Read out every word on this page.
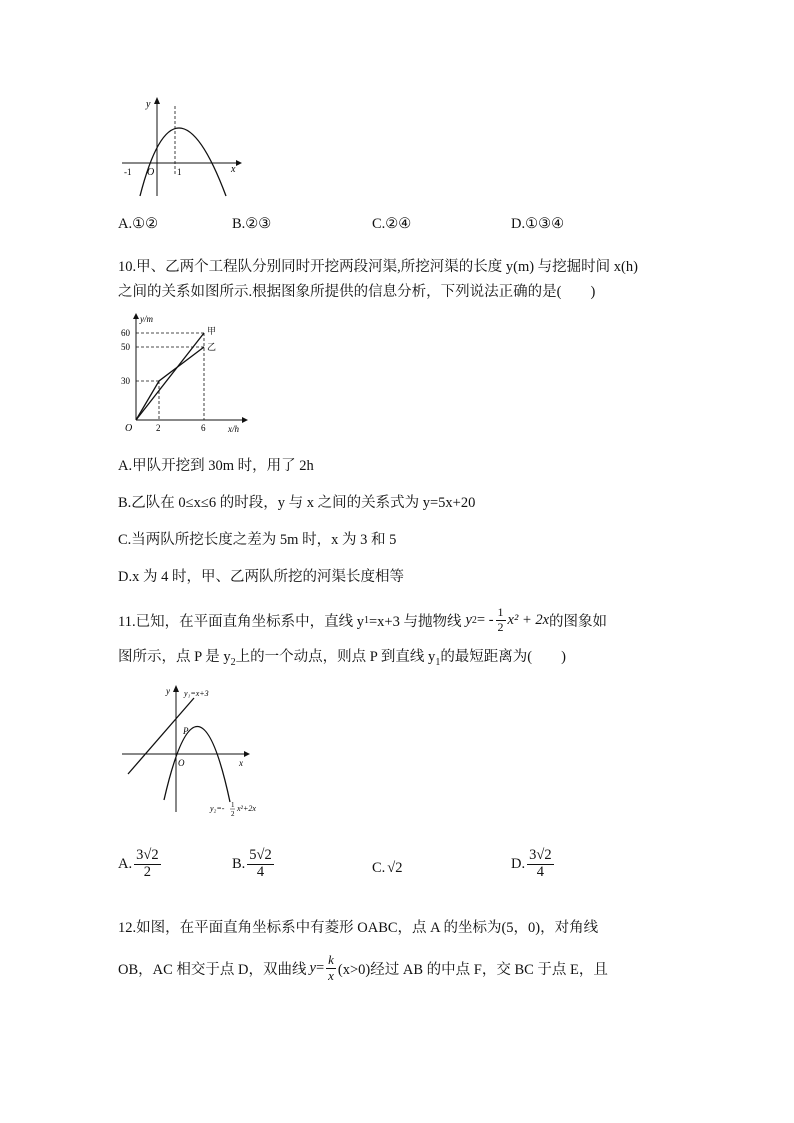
y
x
O
-1	1
A.①②	B.②③	C.②④	D.①③④
10.甲、乙两个工程队分别同时开挖两段河渠,所挖河渠的长度 y(m) 与挖掘时间 x(h)
之间的关系如图所示.根据图象所提供的信息分析，下列说法正确的是(　　)
y/m
x/h
O
60
50
30
2	6
甲
乙
A.甲队开挖到 30m 时，用了 2h
B.乙队在 0≤x≤6 的时段，y 与 x 之间的关系式为 y=5x+20
C.当两队所挖长度之差为 5m 时，x 为 3 和 5
D.x 为 4 时，甲、乙两队所挖的河渠长度相等
11.已知，在平面直角坐标系中，直线 y 1 =x+3 与抛物线 y 2 = - $\frac{1}{2} x^2 + 2x$ 的图象如
图所示，点 P 是 $y_2$上的一个动点，则点 P 到直线 $y_1$的最短距离为(　　)
y₁=x+3
y
x
O
P
y₂=- 1
2
x²+2x
A. $\frac{3√2}{2}$	B. $\frac{5√2}{4}$	C. √2	D. $\frac{3√2}{4}$
12.如图，在平面直角坐标系中有菱形 OABC，点 A 的坐标为(5，0)，对角线
OB，AC 相交于点 D，双曲线 $y = \frac{k}{x} (x>0)$经过 AB 的中点 F，交 BC 于点 E，且
